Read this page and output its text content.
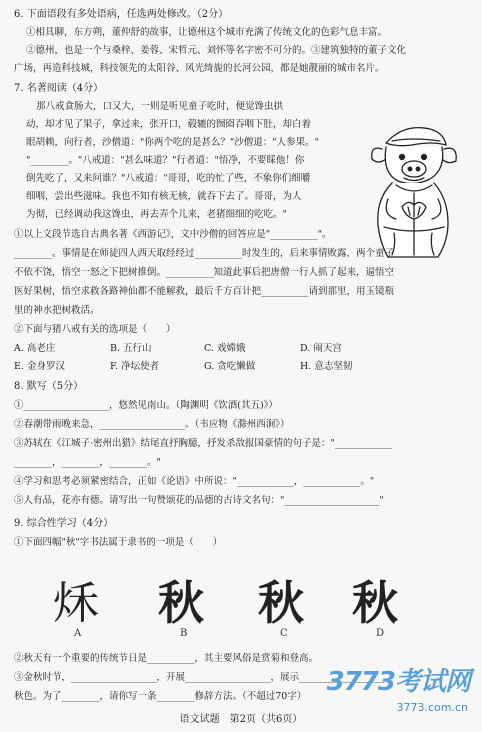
6. 下面语段有多处语病，任选两处修改。（2分）
①相具聊，东方朔，董仲舒的故事，让德州这个城市充满了传统文化的色彩气息丰富。
②德州，也是一个与桑梓、姜蓉、宋哲元、刘怀等名字密不可分的。③建筑独特的董子文化
广场，再造科技城，科技领先的太阳谷、风光绮旎的长河公园，都是她靓丽的城市名片。
7. 名著阅读（4分）
那八戒食肠大，口又大，一则是听见童子吃时，便觉馋虫拱
动，却才见了果子，拿过来，张开口，毂辘的囫囵吞咽下肚，却白着
眼胡赖，向行者，沙僧道："你两个吃的是甚么？"沙僧道："人参果。"
"________。"八戒道："甚么味道？"行者道："悟净，不要睬他！你
倒先吃了，又来问谁？"八戒道："哥哥，吃的忙了些，不象你们细嚼
细咽，尝出些滋味。我也不知有核无核，就吞下去了。哥哥，为人
为彻，已经调动我这馋虫，再去弄个儿来，老猪细细的吃吃。"
①以上文段节选自古典名著《西游记》，文中沙僧的回答应是"__________"。
________。事情是在师徒四人西天取经经过__________时发生的，后来事情败露，两个童子
不依不饶，悟空一怒之下把树推倒。__________知道此事后把唐僧一行人抓了起来，逼悟空
医好果树，悟空求救各路神仙都不能解救，最后千方百计把__________请到那里，用玉镜瓶
里的神水把树救活。
②下面与猪八戒有关的选项是（　　）
A. 高老庄	B. 五行山	C. 戏嫦娥	D. 闹天宫
E. 金身罗汉	F. 净坛使者	G. 贪吃懒做	H. 意志坚韧
8. 默写（5分）
①__________________，悠然见南山。（陶渊明《饮酒(其五)》）
②春潮带雨晚来急，__________________。（韦应物《滁州西涧》）
③苏轼在《江城子·密州出猎》结尾直抒胸臆，抒发杀敌报国豪情的句子是："____________
________，________，________。"
④学习和思考必须紧密结合，正如《论语》中所说："____________，____________。"
⑤人有品，花亦有德。请写出一句赞颂花的品德的古诗文名句："____________________"
9. 综合性学习（4分）
①下面四幅"秋"字书法属于隶书的一项是（　　）
秌 秋 秋 秋
A	B	C	D
②秋天有一个重要的传统节日是__________，其主要风俗是赏菊和登高。
③金秋时节，__________________，开展__________________，展示__________________
秋色。为了________，请你写一条________修辞方法。（不超过70字）
语文试题　第2页（共6页）
3773考试网
3773.com.cn
